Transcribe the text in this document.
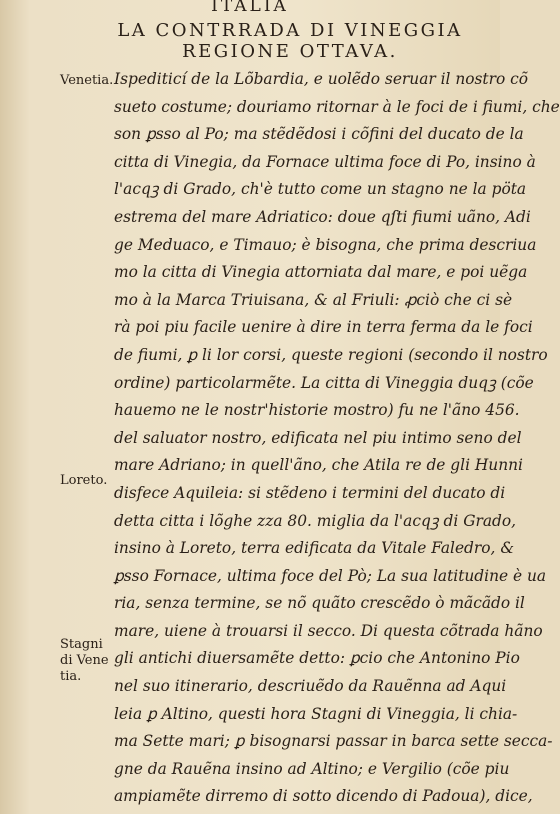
ITALIA
LA CONTRRADA DI VINEGGIA
REGIONE OTTAVA.
Venetia.
Loreto.
Stagni
di Vene
tia.
Ispediticí de la Lõbardia, e uolẽdo seruar il nostro cõ
sueto costume; douriamo ritornar à le foci de i fiumi, che
son ꝑsso al Po; ma stẽdẽdosi i cõfini del ducato de la
citta di Vinegia, da Fornace ultima foce di Po, insino à
l'acqꝫ di Grado, ch'è tutto come un stagno ne la pöta
estrema del mare Adriatico: doue qſti fiumi uãno, Adi
ge Meduaco, e Timauo; è bisogna, che prima descriua
mo la citta di Vinegia attorniata dal mare, e poi uẽga
mo à la Marca Triuisana, & al Friuli: ꝓciò che ci sè
rà poi piu facile uenire à dire in terra ferma da le foci
de fiumi, ꝑ li lor corsi, queste regioni (secondo il nostro
ordine) particolarmẽte. La citta di Vineggia duqꝫ (cõe
hauemo ne le nostr'historie mostro) fu ne l'ãno 456.
del saluator nostro, edificata nel piu intimo seno del
mare Adriano; in quell'ãno, che Atila re de gli Hunni
disfece Aquileia: si stẽdeno i termini del ducato di
detta citta i lõghe zza 80. miglia da l'acqꝫ di Grado,
insino à Loreto, terra edificata da Vitale Faledro, &
ꝑsso Fornace, ultima foce del Pò; La sua latitudine è ua
ria, senza termine, se nõ quãto crescẽdo ò mãcãdo il
mare, uiene à trouarsi il secco. Di questa cõtrada hãno
gli antichi diuersamẽte detto: ꝑcio che Antonino Pio
nel suo itinerario, descriuẽdo da Rauẽnna ad Aqui
leia ꝑ Altino, questi hora Stagni di Vineggia, li chia-
ma Sette mari; ꝑ bisognarsi passar in barca sette secca-
gne da Rauẽna insino ad Altino; e Vergilio (cõe piu
ampiamẽte dirremo di sotto dicendo di Padoua), dice,
